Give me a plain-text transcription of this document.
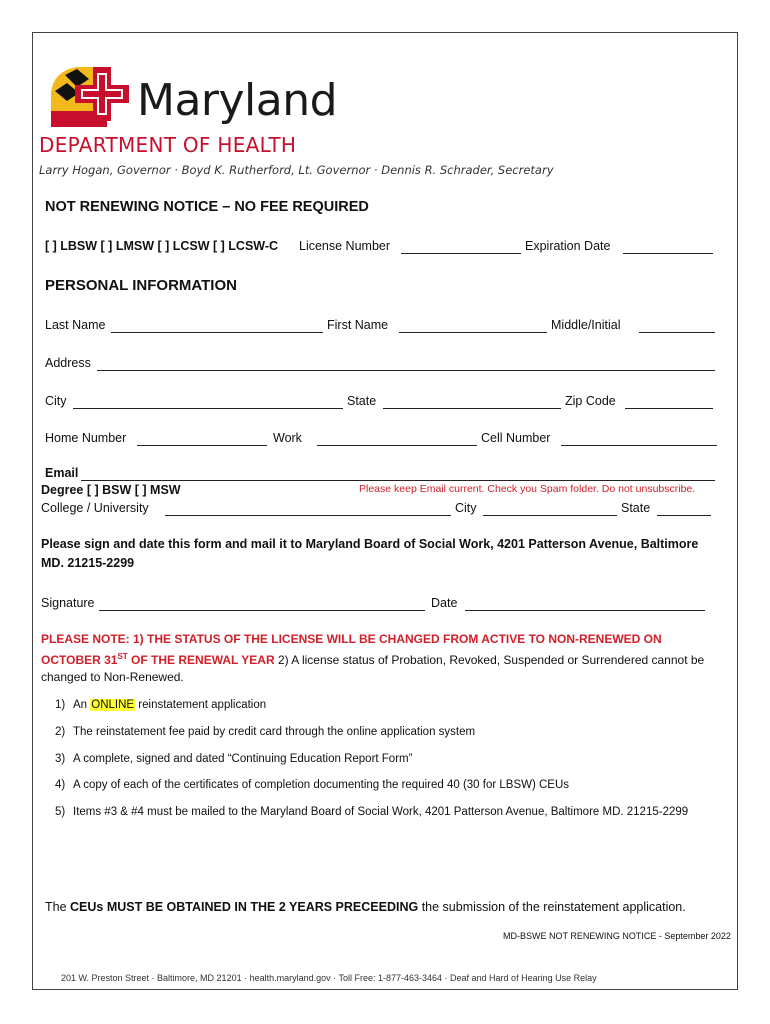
Maryland
DEPARTMENT OF HEALTH
Larry Hogan, Governor · Boyd K. Rutherford, Lt. Governor · Dennis R. Schrader, Secretary
NOT RENEWING NOTICE – NO FEE REQUIRED
[ ] LBSW [ ] LMSW [ ] LCSW [ ] LCSW-C License Number	Expiration Date
PERSONAL INFORMATION
Last Name	First Name	Middle/Initial
Address
City	State	Zip Code
Home Number	Work	Cell Number
Email
Degree [ ] BSW [ ] MSW	Please keep Email current. Check you Spam folder. Do not unsubscribe.
College / University	City	State
Please sign and date this form and mail it to Maryland Board of Social Work, 4201 Patterson Avenue, Baltimore MD. 21215-2299
Signature	Date
PLEASE NOTE: 1) THE STATUS OF THE LICENSE WILL BE CHANGED FROM ACTIVE TO NON-RENEWED ON OCTOBER 31ST OF THE RENEWAL YEAR 2) A license status of Probation, Revoked, Suspended or Surrendered cannot be changed to Non-Renewed.
1) An ONLINE reinstatement application
2) The reinstatement fee paid by credit card through the online application system
3) A complete, signed and dated “Continuing Education Report Form”
4) A copy of each of the certificates of completion documenting the required 40 (30 for LBSW) CEUs
5) Items #3 & #4 must be mailed to the Maryland Board of Social Work, 4201 Patterson Avenue, Baltimore MD. 21215-2299
The CEUs MUST BE OBTAINED IN THE 2 YEARS PRECEEDING the submission of the reinstatement application.
MD-BSWE NOT RENEWING NOTICE - September 2022
201 W. Preston Street · Baltimore, MD 21201 · health.maryland.gov · Toll Free: 1-877-463-3464 · Deaf and Hard of Hearing Use Relay
